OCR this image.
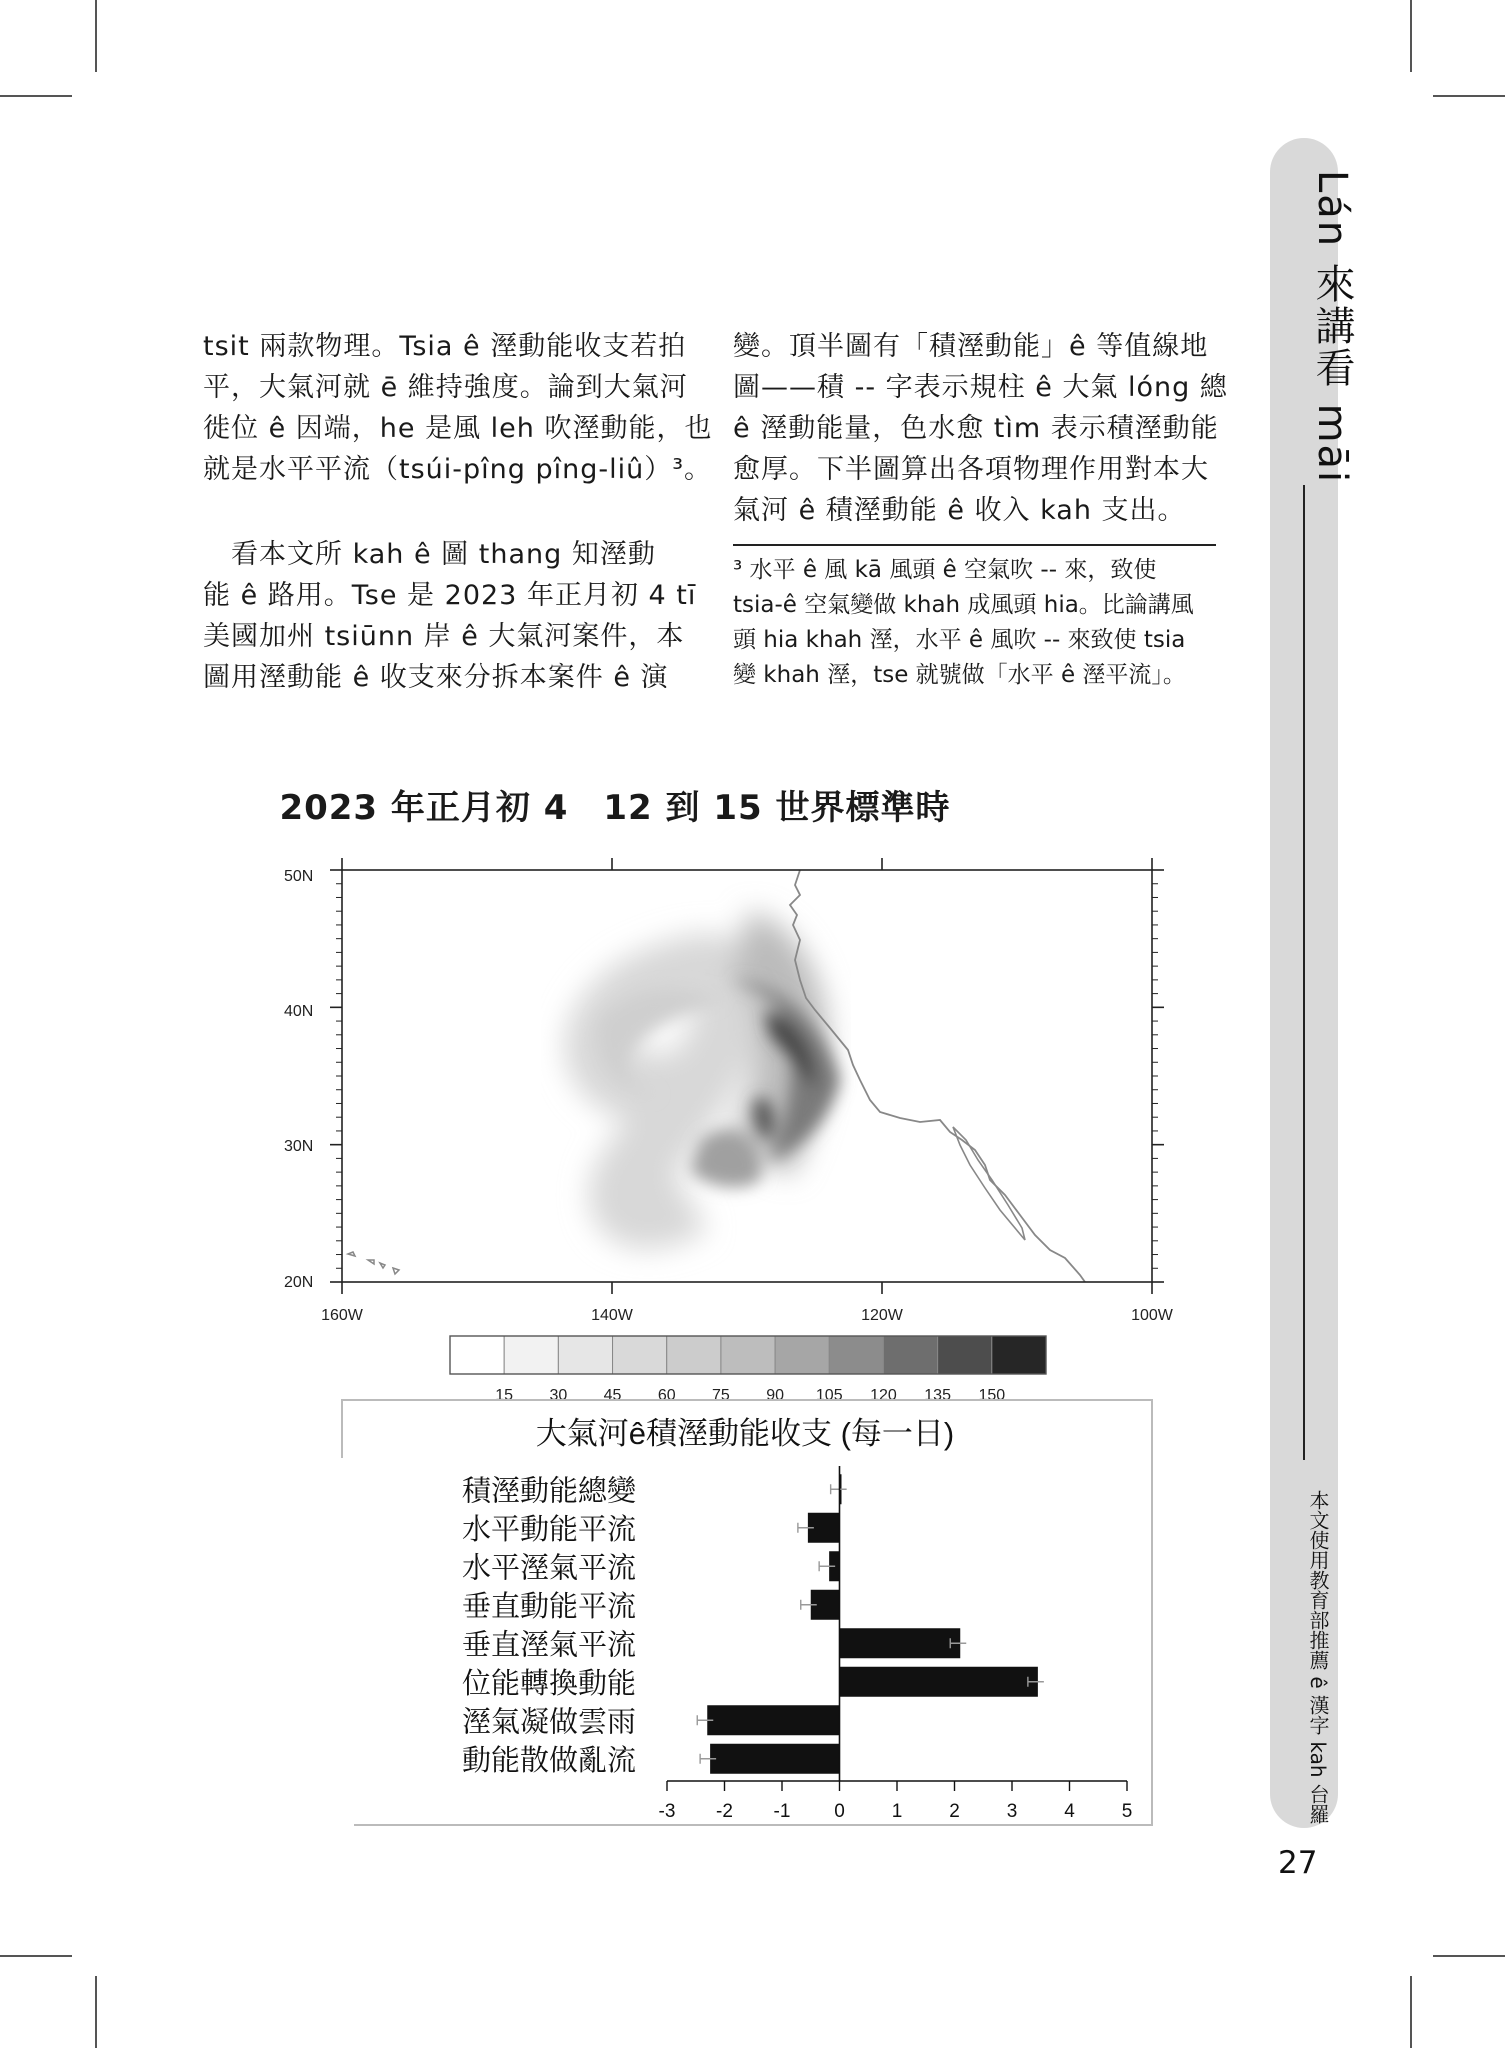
tsit 兩款物理。Tsia ê 溼動能收支若拍

平，大氣河就 ē 維持強度。論到大氣河

徙位 ê 因端，he 是風 leh 吹溼動能，也

就是水平平流（tsúi-pîng pîng-liû）³。

　看本文所 kah ê 圖 thang 知溼動

能 ê 路用。Tse 是 2023 年正月初 4 tī

美國加州 tsiūnn 岸 ê 大氣河案件，本

圖用溼動能 ê 收支來分拆本案件 ê 演

變。頂半圖有「積溼動能」ê 等值線地

圖——積 -- 字表示規柱 ê 大氣 lóng 總

ê 溼動能量，色水愈 tìm 表示積溼動能

愈厚。下半圖算出各項物理作用對本大

氣河 ê 積溼動能 ê 收入 kah 支出。

³ 水平 ê 風 kā 風頭 ê 空氣吹 -- 來，致使

tsia-ê 空氣變做 khah 成風頭 hia。比論講風

頭 hia khah 溼，水平 ê 風吹 -- 來致使 tsia

變 khah 溼，tse 就號做「水平 ê 溼平流」。

Lán 來講看 māi
本文使用教育部推薦 ê 漢字 kah 台羅
27
2023 年正月初 4　12 到 15 世界標準時
50N
40N
30N
20N
160W	140W	120W	100W
15 30 45 60 75 90 105 120 135 150
大氣河ê積溼動能收支 (每一日)
積溼動能總變
水平動能平流
水平溼氣平流
垂直動能平流
垂直溼氣平流
位能轉換動能
溼氣凝做雲雨
動能散做亂流
-3 -2 -1 0 1 2 3 4 5
